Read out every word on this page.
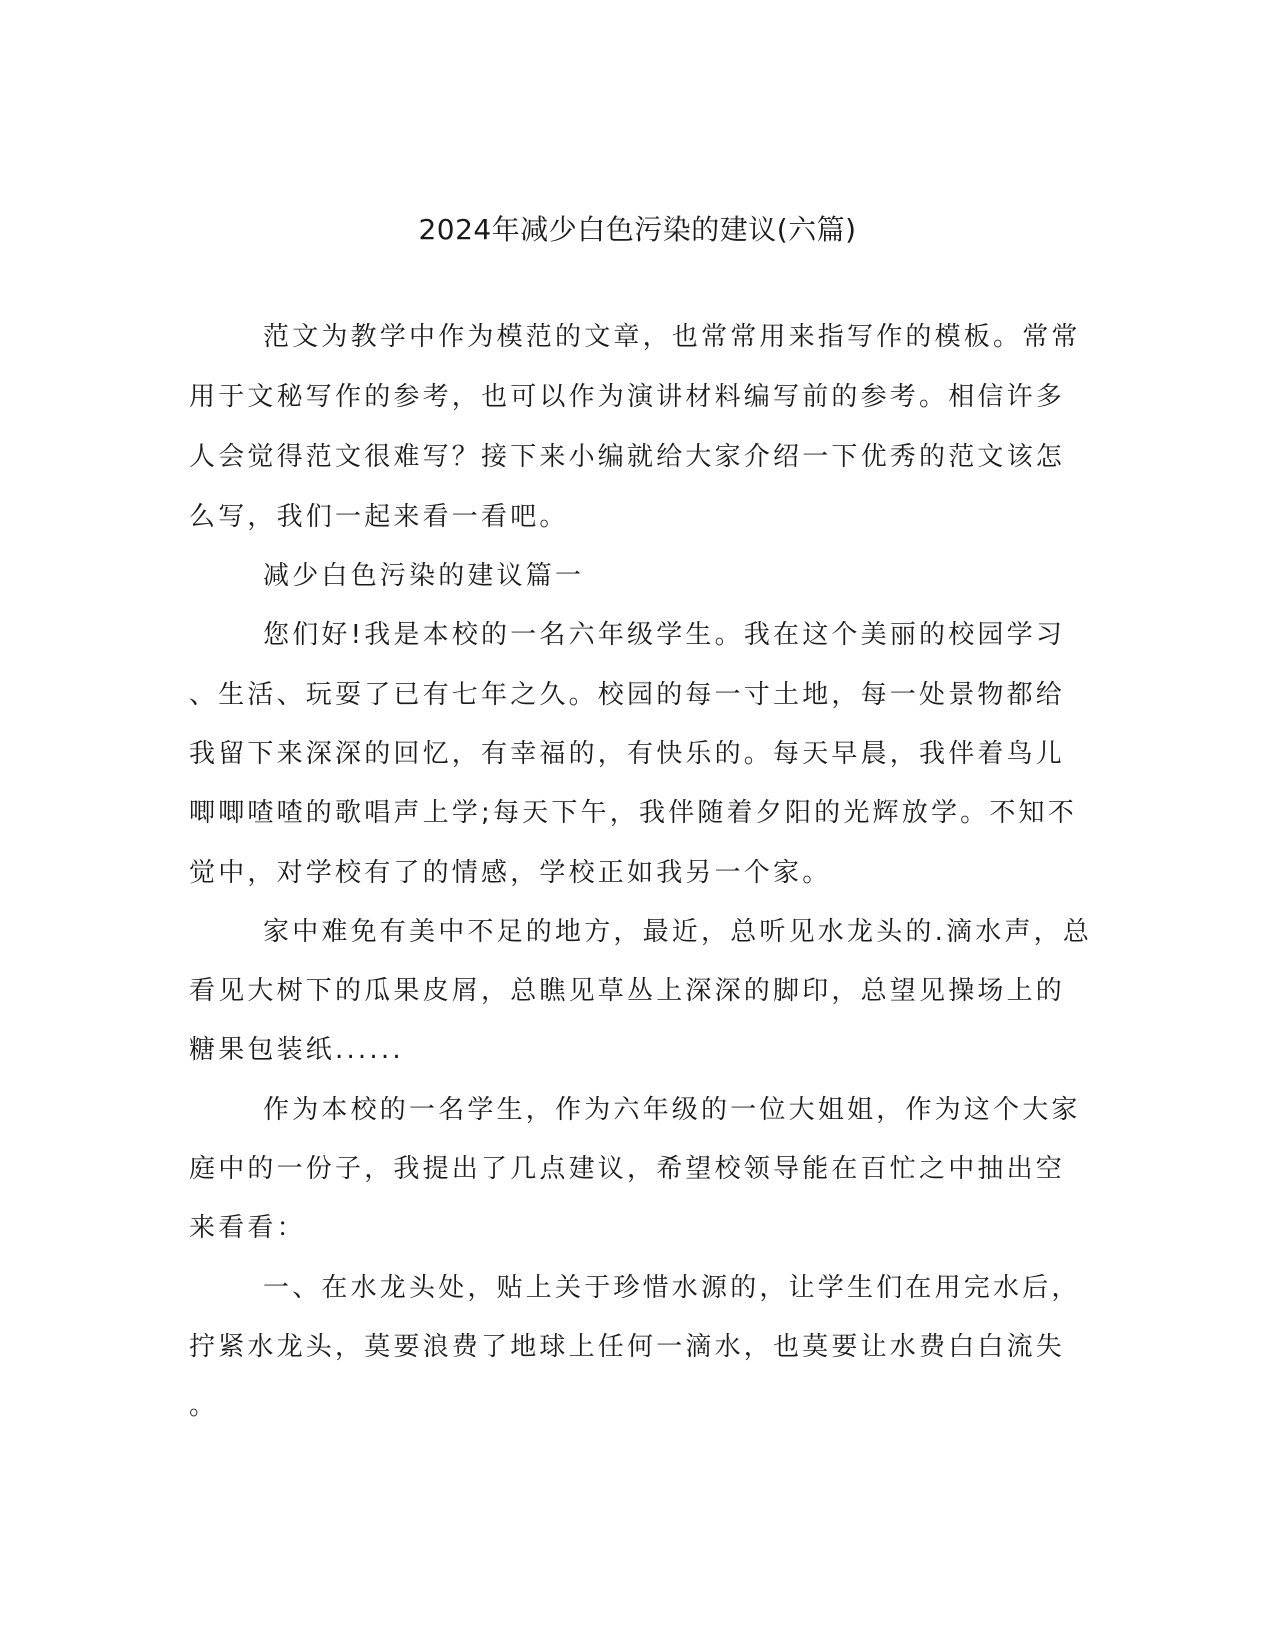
2024年减少白色污染的建议(六篇)
范文为教学中作为模范的文章，也常常用来指写作的模板。常常
用于文秘写作的参考，也可以作为演讲材料编写前的参考。相信许多
人会觉得范文很难写？接下来小编就给大家介绍一下优秀的范文该怎
么写，我们一起来看一看吧。
减少白色污染的建议篇一
您们好!我是本校的一名六年级学生。我在这个美丽的校园学习
、生活、玩耍了已有七年之久。校园的每一寸土地，每一处景物都给
我留下来深深的回忆，有幸福的，有快乐的。每天早晨，我伴着鸟儿
唧唧喳喳的歌唱声上学;每天下午，我伴随着夕阳的光辉放学。不知不
觉中，对学校有了的情感，学校正如我另一个家。
家中难免有美中不足的地方，最近，总听见水龙头的.滴水声，总
看见大树下的瓜果皮屑，总瞧见草丛上深深的脚印，总望见操场上的
糖果包装纸......
作为本校的一名学生，作为六年级的一位大姐姐，作为这个大家
庭中的一份子，我提出了几点建议，希望校领导能在百忙之中抽出空
来看看：
一、在水龙头处，贴上关于珍惜水源的，让学生们在用完水后，
拧紧水龙头，莫要浪费了地球上任何一滴水，也莫要让水费白白流失
。
